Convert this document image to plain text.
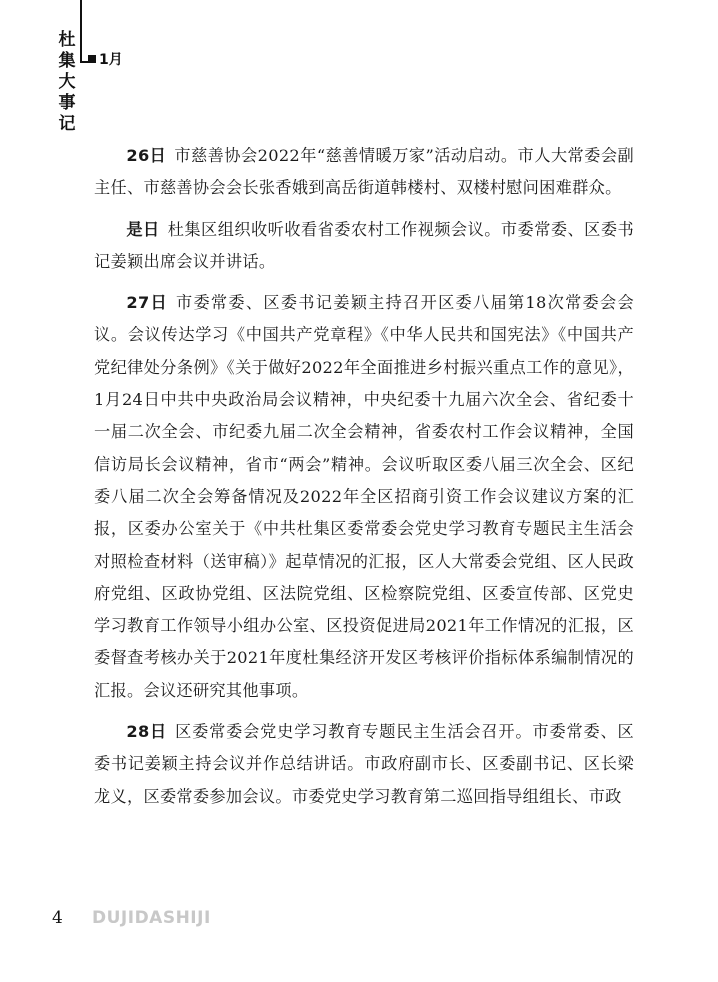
杜
集
大
事
记
1月

26日 市慈善协会2022年“慈善情暖万家”活动启动。市人大常委会副主任、市慈善协会会长张香娥到高岳街道韩楼村、双楼村慰问困难群众。

是日 杜集区组织收听收看省委农村工作视频会议。市委常委、区委书记姜颖出席会议并讲话。

27日 市委常委、区委书记姜颖主持召开区委八届第18次常委会会议。会议传达学习《中国共产党章程》《中华人民共和国宪法》《中国共产党纪律处分条例》《关于做好2022年全面推进乡村振兴重点工作的意见》，1月24日中共中央政治局会议精神，中央纪委十九届六次全会、省纪委十一届二次全会、市纪委九届二次全会精神，省委农村工作会议精神，全国信访局长会议精神，省市“两会”精神。会议听取区委八届三次全会、区纪委八届二次全会筹备情况及2022年全区招商引资工作会议建议方案的汇报，区委办公室关于《中共杜集区委常委会党史学习教育专题民主生活会对照检查材料（送审稿）》起草情况的汇报，区人大常委会党组、区人民政府党组、区政协党组、区法院党组、区检察院党组、区委宣传部、区党史学习教育工作领导小组办公室、区投资促进局2021年工作情况的汇报，区委督查考核办关于2021年度杜集经济开发区考核评价指标体系编制情况的汇报。会议还研究其他事项。

28日 区委常委会党史学习教育专题民主生活会召开。市委常委、区委书记姜颖主持会议并作总结讲话。市政府副市长、区委副书记、区长梁龙义，区委常委参加会议。市委党史学习教育第二巡回指导组组长、市政

4 DUJIDASHIJI
